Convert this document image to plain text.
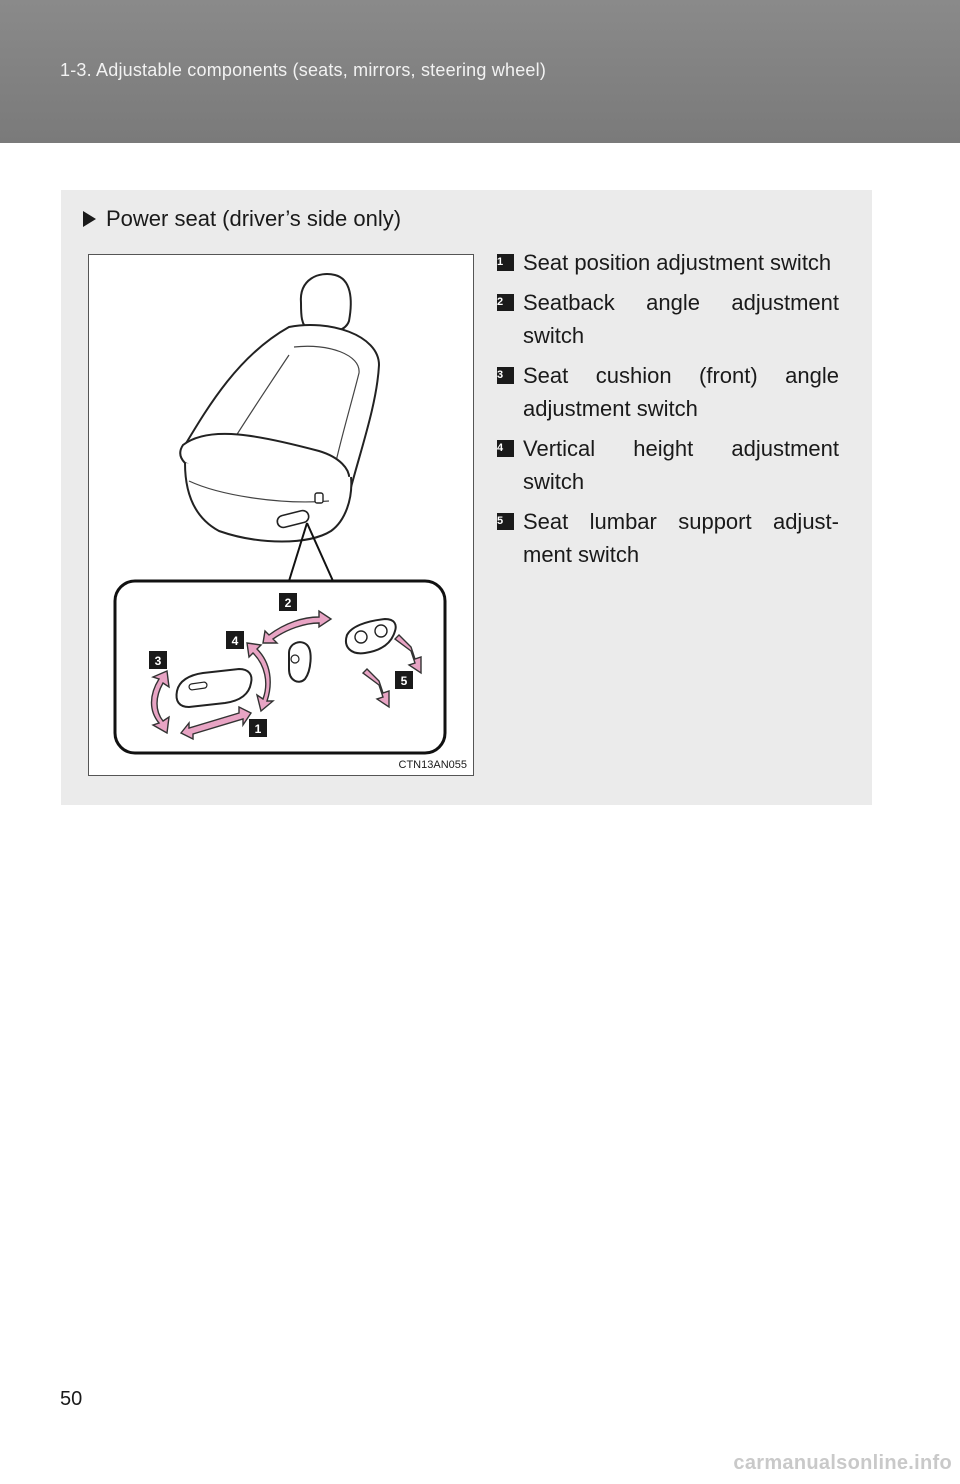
1-3. Adjustable components (seats, mirrors, steering wheel)
Power seat (driver’s side only)
2
4
3
5
1
CTN13AN055
1 Seat position adjustment switch
2 Seatback angle adjustment switch
3 Seat cushion (front) angle adjustment switch
4 Vertical height adjustment switch
5 Seat lumbar support adjust- ment switch
50
carmanualsonline.info
